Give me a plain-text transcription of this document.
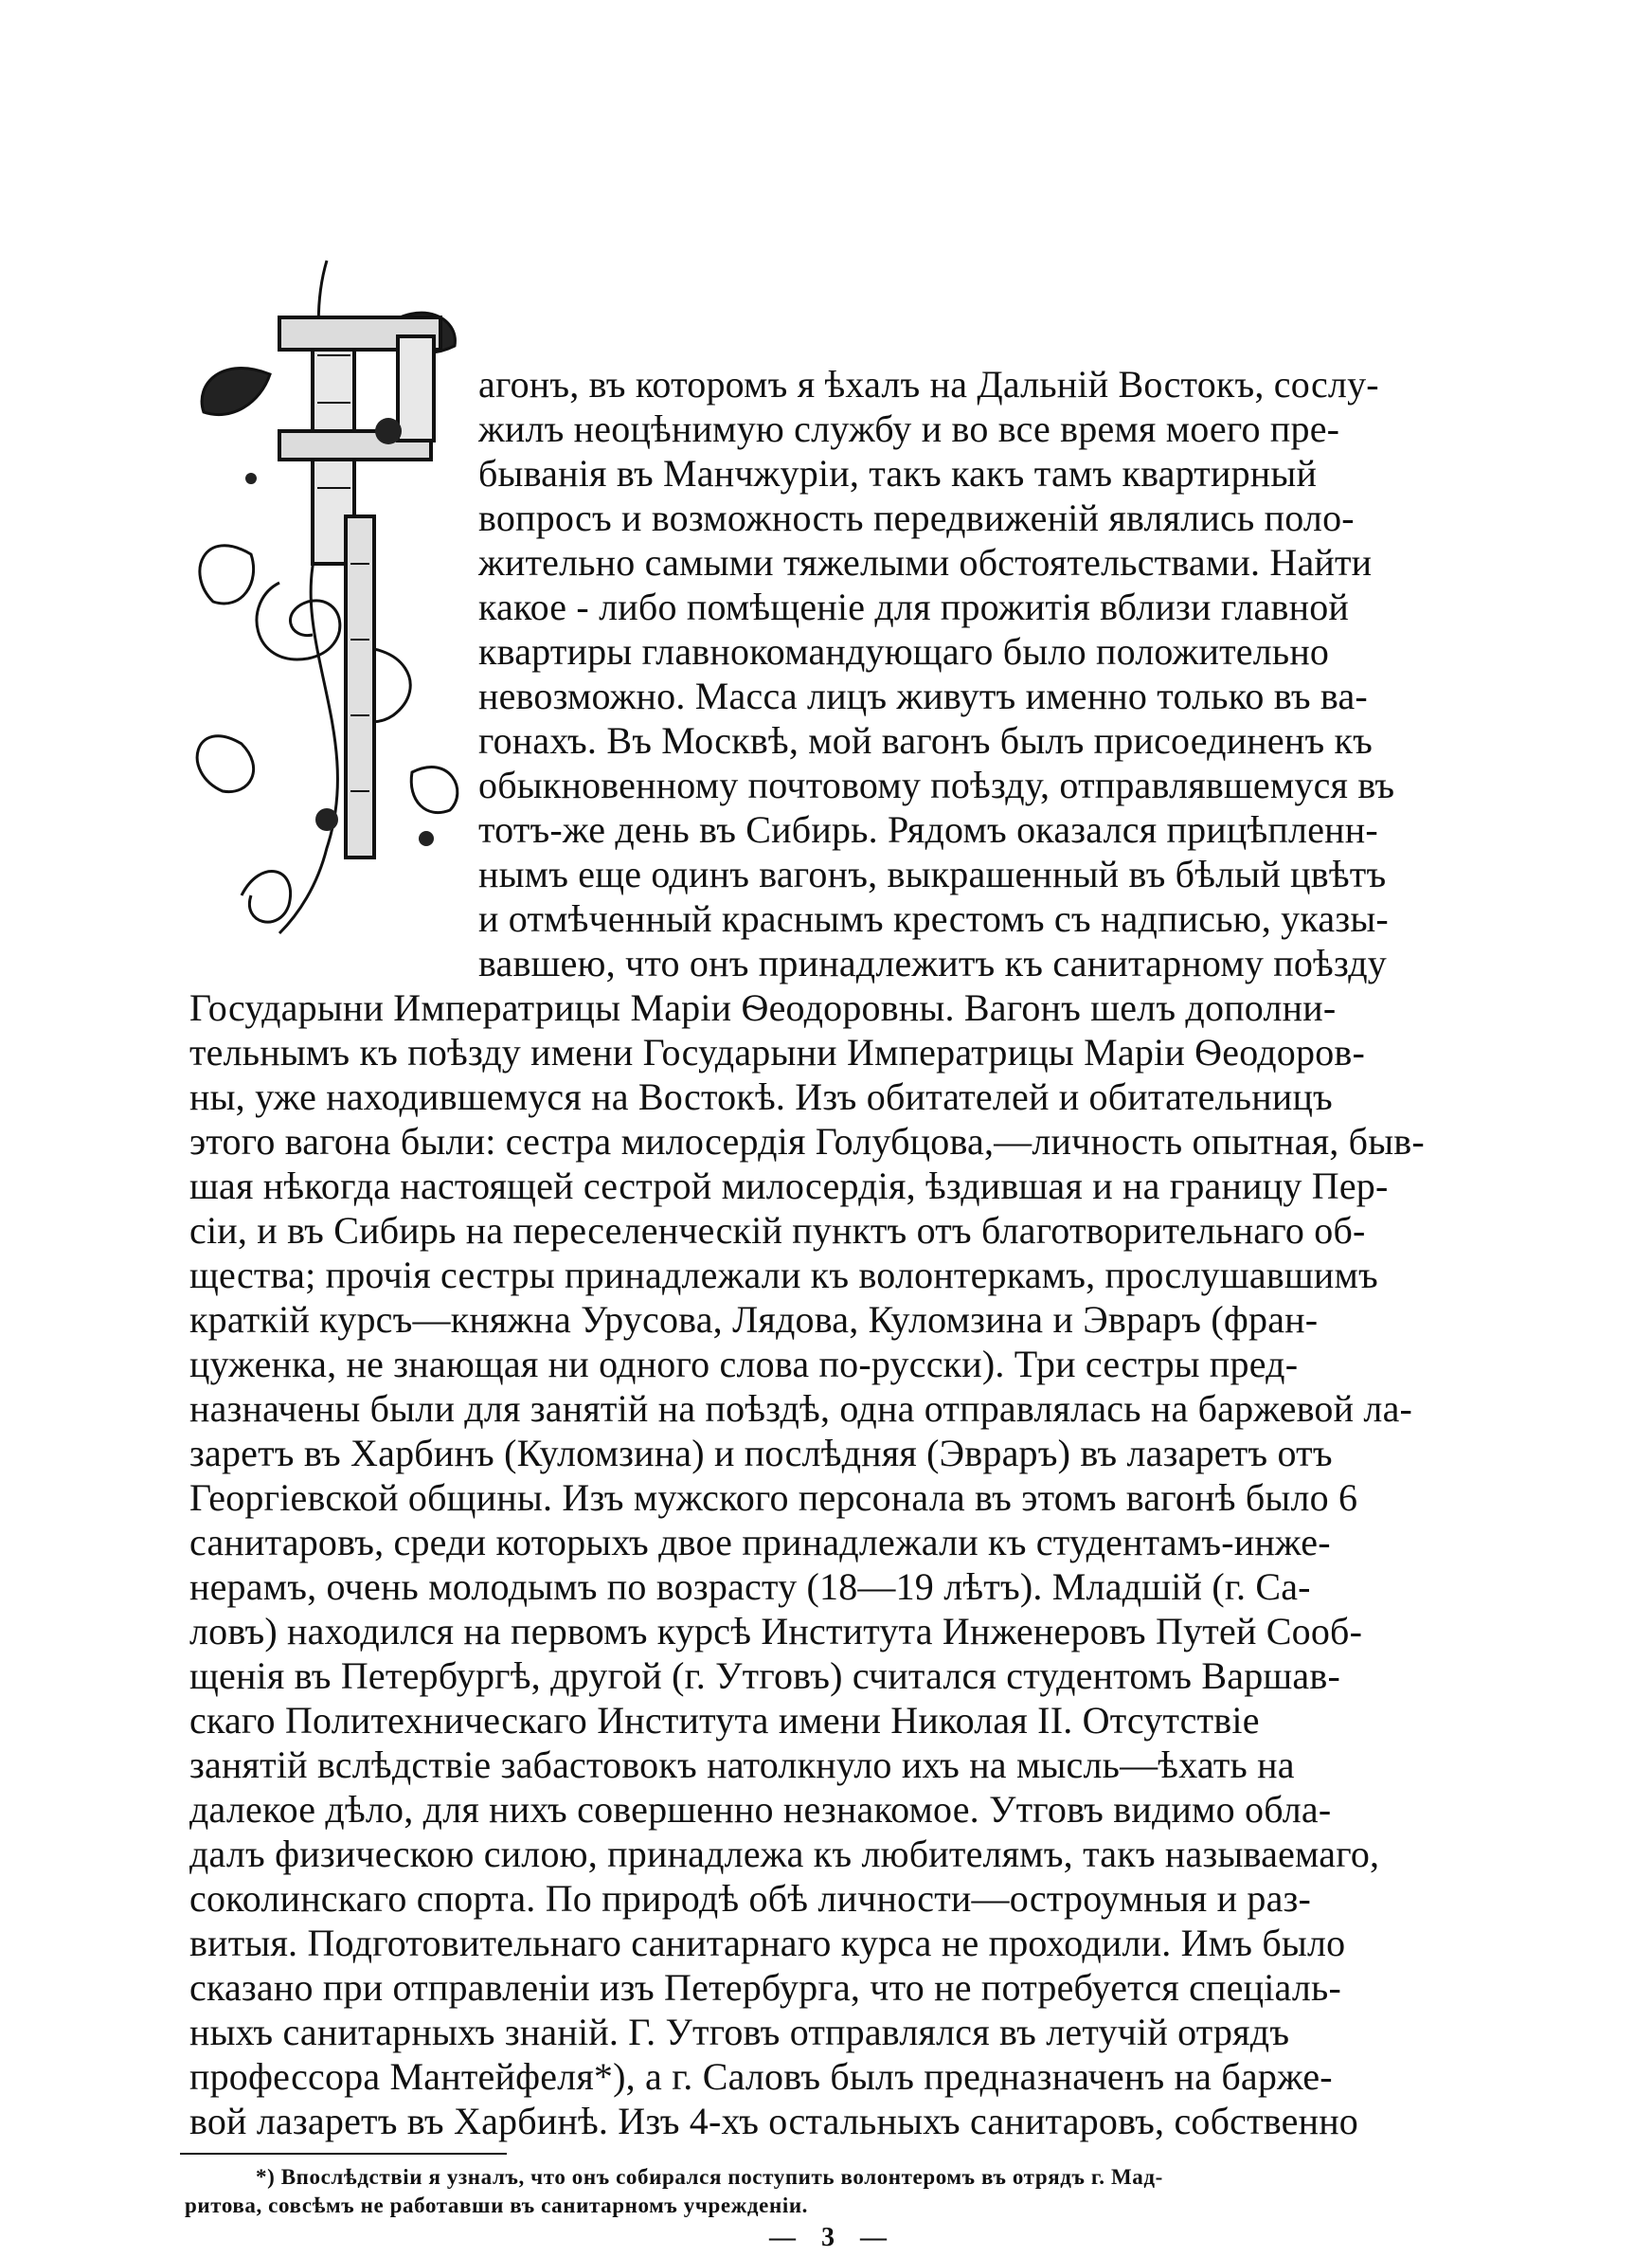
агонъ, въ которомъ я ѣхалъ на Дальній Востокъ, сослу-
жилъ неоцѣнимую службу и во все время моего пре-
быванія въ Манчжуріи, такъ какъ тамъ квартирный
вопросъ и возможность передвиженій являлись поло-
жительно самыми тяжелыми обстоятельствами. Найти
какое - либо помѣщеніе для прожитія вблизи главной
квартиры главнокомандующаго было положительно
невозможно. Масса лицъ живутъ именно только въ ва-
гонахъ. Въ Москвѣ, мой вагонъ былъ присоединенъ къ
обыкновенному почтовому поѣзду, отправлявшемуся въ
тотъ-же день въ Сибирь. Рядомъ оказался прицѣпленн-
нымъ еще одинъ вагонъ, выкрашенный въ бѣлый цвѣтъ
и отмѣченный краснымъ крестомъ съ надписью, указы-
вавшею, что онъ принадлежитъ къ санитарному поѣзду
Государыни Императрицы Маріи Ѳеодоровны. Вагонъ шелъ дополни-
тельнымъ къ поѣзду имени Государыни Императрицы Маріи Ѳеодоров-
ны, уже находившемуся на Востокѣ. Изъ обитателей и обитательницъ
этого вагона были: сестра милосердія Голубцова,—личность опытная, быв-
шая нѣкогда настоящей сестрой милосердія, ѣздившая и на границу Пер-
сіи, и въ Сибирь на переселенческій пунктъ отъ благотворительнаго об-
щества; прочія сестры принадлежали къ волонтеркамъ, прослушавшимъ
краткій курсъ—княжна Урусова, Лядова, Куломзина и Эвраръ (фран-
цуженка, не знающая ни одного слова по-русски). Три сестры пред-
назначены были для занятій на поѣздѣ, одна отправлялась на баржевой ла-
заретъ въ Харбинъ (Куломзина) и послѣдняя (Эвраръ) въ лазаретъ отъ
Георгіевской общины. Изъ мужского персонала въ этомъ вагонѣ было 6
санитаровъ, среди которыхъ двое принадлежали къ студентамъ-инже-
нерамъ, очень молодымъ по возрасту (18—19 лѣтъ). Младшій (г. Са-
ловъ) находился на первомъ курсѣ Института Инженеровъ Путей Сооб-
щенія въ Петербургѣ, другой (г. Утговъ) считался студентомъ Варшав-
скаго Политехническаго Института имени Николая II. Отсутствіе
занятій вслѣдствіе забастовокъ натолкнуло ихъ на мысль—ѣхать на
далекое дѣло, для нихъ совершенно незнакомое. Утговъ видимо обла-
далъ физическою силою, принадлежа къ любителямъ, такъ называемаго,
соколинскаго спорта. По природѣ обѣ личности—остроумныя и раз-
витыя. Подготовительнаго санитарнаго курса не проходили. Имъ было
сказано при отправленіи изъ Петербурга, что не потребуется спеціаль-
ныхъ санитарныхъ знаній. Г. Утговъ отправлялся въ летучій отрядъ
профессора Мантейфеля*), а г. Саловъ былъ предназначенъ на барже-
вой лазаретъ въ Харбинѣ. Изъ 4-хъ остальныхъ санитаровъ, собственно
*) Впослѣдствіи я узналъ, что онъ собирался поступить волонтеромъ въ отрядъ г. Мад-
ритова, совсѣмъ не работавши въ санитарномъ учрежденіи.
— 3 —
